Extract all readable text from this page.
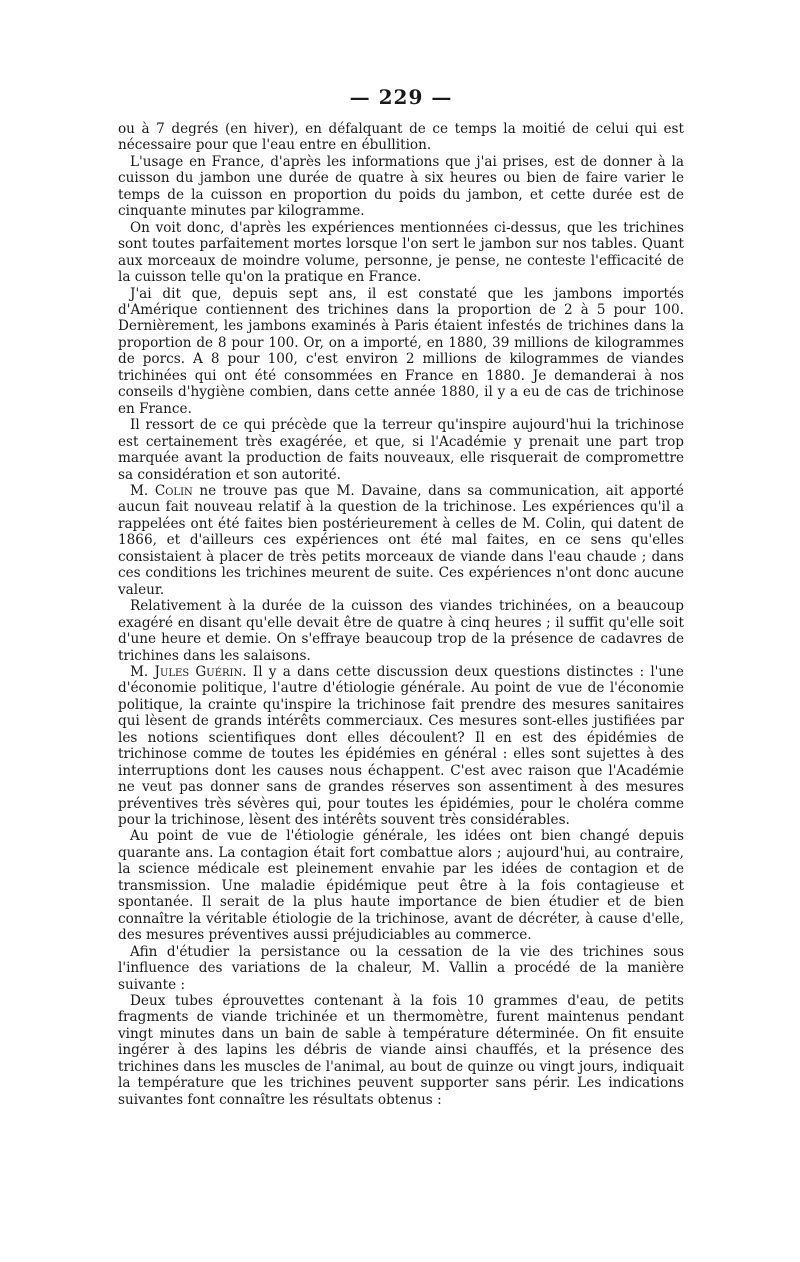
— 229 —

ou à 7 degrés (en hiver), en défalquant de ce temps la moitié de celui qui est nécessaire pour que l'eau entre en ébullition.

L'usage en France, d'après les informations que j'ai prises, est de donner à la cuisson du jambon une durée de quatre à six heures ou bien de faire varier le temps de la cuisson en proportion du poids du jambon, et cette durée est de cinquante minutes par kilogramme.

On voit donc, d'après les expériences mentionnées ci-dessus, que les trichines sont toutes parfaitement mortes lorsque l'on sert le jambon sur nos tables. Quant aux morceaux de moindre volume, personne, je pense, ne conteste l'efficacité de la cuisson telle qu'on la pratique en France.

J'ai dit que, depuis sept ans, il est constaté que les jambons importés d'Amérique contiennent des trichines dans la proportion de 2 à 5 pour 100. Dernièrement, les jambons examinés à Paris étaient infestés de trichines dans la proportion de 8 pour 100. Or, on a importé, en 1880, 39 millions de kilogrammes de porcs. A 8 pour 100, c'est environ 2 millions de kilogrammes de viandes trichinées qui ont été consommées en France en 1880. Je demanderai à nos conseils d'hygiène combien, dans cette année 1880, il y a eu de cas de trichinose en France.

Il ressort de ce qui précède que la terreur qu'inspire aujourd'hui la trichinose est certainement très exagérée, et que, si l'Académie y prenait une part trop marquée avant la production de faits nouveaux, elle risquerait de compromettre sa considération et son autorité.

M. Colin ne trouve pas que M. Davaine, dans sa communication, ait apporté aucun fait nouveau relatif à la question de la trichinose. Les expériences qu'il a rappelées ont été faites bien postérieurement à celles de M. Colin, qui datent de 1866, et d'ailleurs ces expériences ont été mal faites, en ce sens qu'elles consistaient à placer de très petits morceaux de viande dans l'eau chaude ; dans ces conditions les trichines meurent de suite. Ces expériences n'ont donc aucune valeur.

Relativement à la durée de la cuisson des viandes trichinées, on a beaucoup exagéré en disant qu'elle devait être de quatre à cinq heures ; il suffit qu'elle soit d'une heure et demie. On s'effraye beaucoup trop de la présence de cadavres de trichines dans les salaisons.

M. Jules Guérin. Il y a dans cette discussion deux questions distinctes : l'une d'économie politique, l'autre d'étiologie générale. Au point de vue de l'économie politique, la crainte qu'inspire la trichinose fait prendre des mesures sanitaires qui lèsent de grands intérêts commerciaux. Ces mesures sont-elles justifiées par les notions scientifiques dont elles découlent? Il en est des épidémies de trichinose comme de toutes les épidémies en général : elles sont sujettes à des interruptions dont les causes nous échappent. C'est avec raison que l'Académie ne veut pas donner sans de grandes réserves son assentiment à des mesures préventives très sévères qui, pour toutes les épidémies, pour le choléra comme pour la trichinose, lèsent des intérêts souvent très considérables.

Au point de vue de l'étiologie générale, les idées ont bien changé depuis quarante ans. La contagion était fort combattue alors ; aujourd'hui, au contraire, la science médicale est pleinement envahie par les idées de contagion et de transmission. Une maladie épidémique peut être à la fois contagieuse et spontanée. Il serait de la plus haute importance de bien étudier et de bien connaître la véritable étiologie de la trichinose, avant de décréter, à cause d'elle, des mesures préventives aussi préjudiciables au commerce.

Afin d'étudier la persistance ou la cessation de la vie des trichines sous l'influence des variations de la chaleur, M. Vallin a procédé de la manière suivante :

Deux tubes éprouvettes contenant à la fois 10 grammes d'eau, de petits fragments de viande trichinée et un thermomètre, furent maintenus pendant vingt minutes dans un bain de sable à température déterminée. On fit ensuite ingérer à des lapins les débris de viande ainsi chauffés, et la présence des trichines dans les muscles de l'animal, au bout de quinze ou vingt jours, indiquait la température que les trichines peuvent supporter sans périr. Les indications suivantes font connaître les résultats obtenus :
